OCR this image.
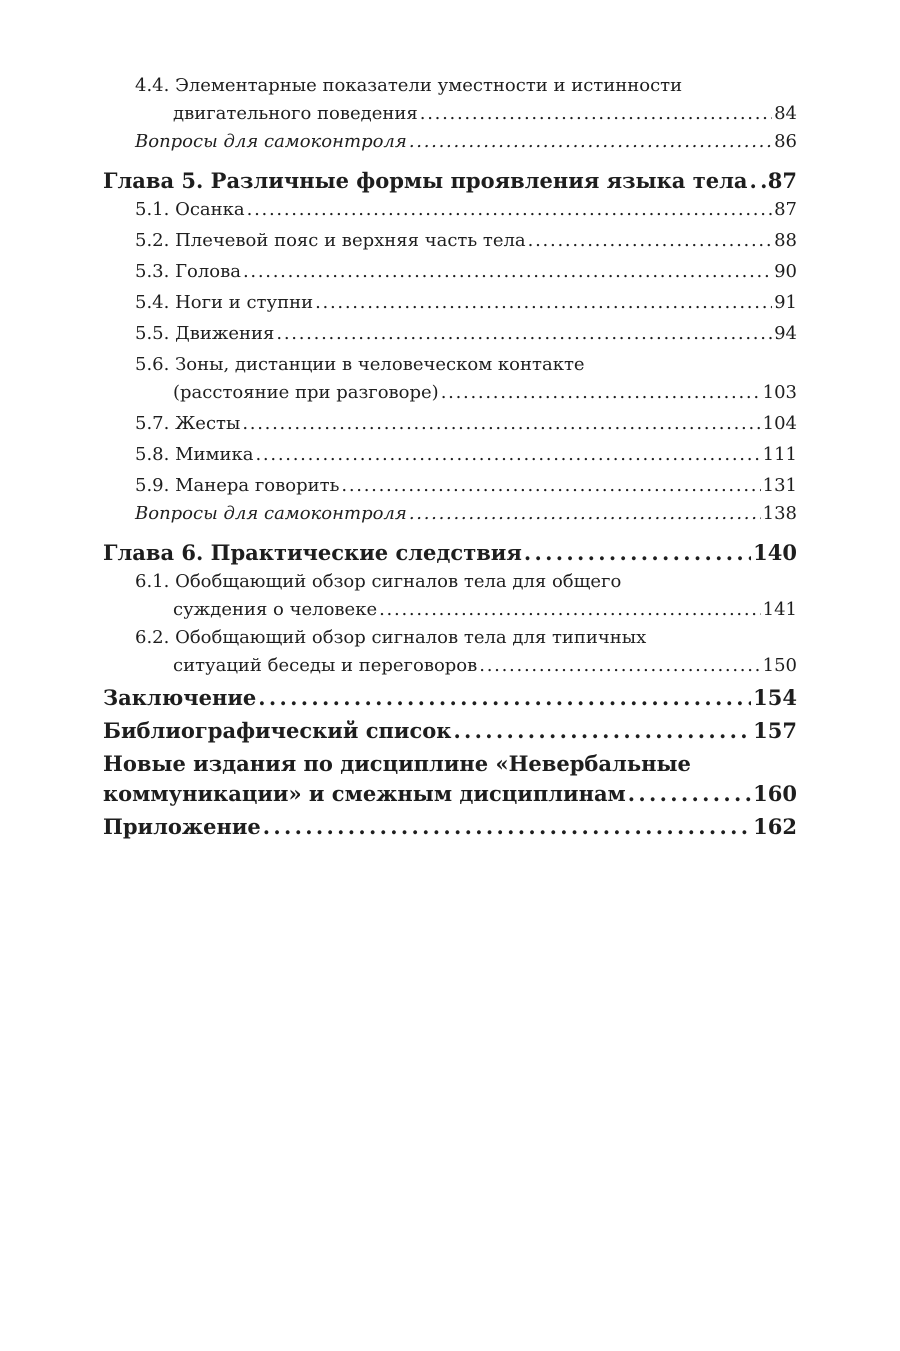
4.4. Элементарные показатели уместности и истинности
двигательного поведения . . .	84
Вопросы для самоконтроля . . .	86
Глава 5. Различные формы проявления языка тела . . . 87
5.1. Осанка . . .	87
5.2. Плечевой пояс и верхняя часть тела . . .	88
5.3. Голова . . .	90
5.4. Ноги и ступни . . .	91
5.5. Движения . . .	94
5.6. Зоны, дистанции в человеческом контакте
(расстояние при разговоре) . . .	103
5.7. Жесты . . .	104
5.8. Мимика . . .	111
5.9. Манера говорить . . .	131
Вопросы для самоконтроля . . .	138
Глава 6. Практические следствия . . .	140
6.1. Обобщающий обзор сигналов тела для общего
суждения о человеке . . .	141
6.2. Обобщающий обзор сигналов тела для типичных
ситуаций беседы и переговоров . . .	150
Заключение . . .	154
Библиографический список . . .	157
Новые издания по дисциплине «Невербальные
коммуникации» и смежным дисциплинам . . .	160
Приложение . . .	162
